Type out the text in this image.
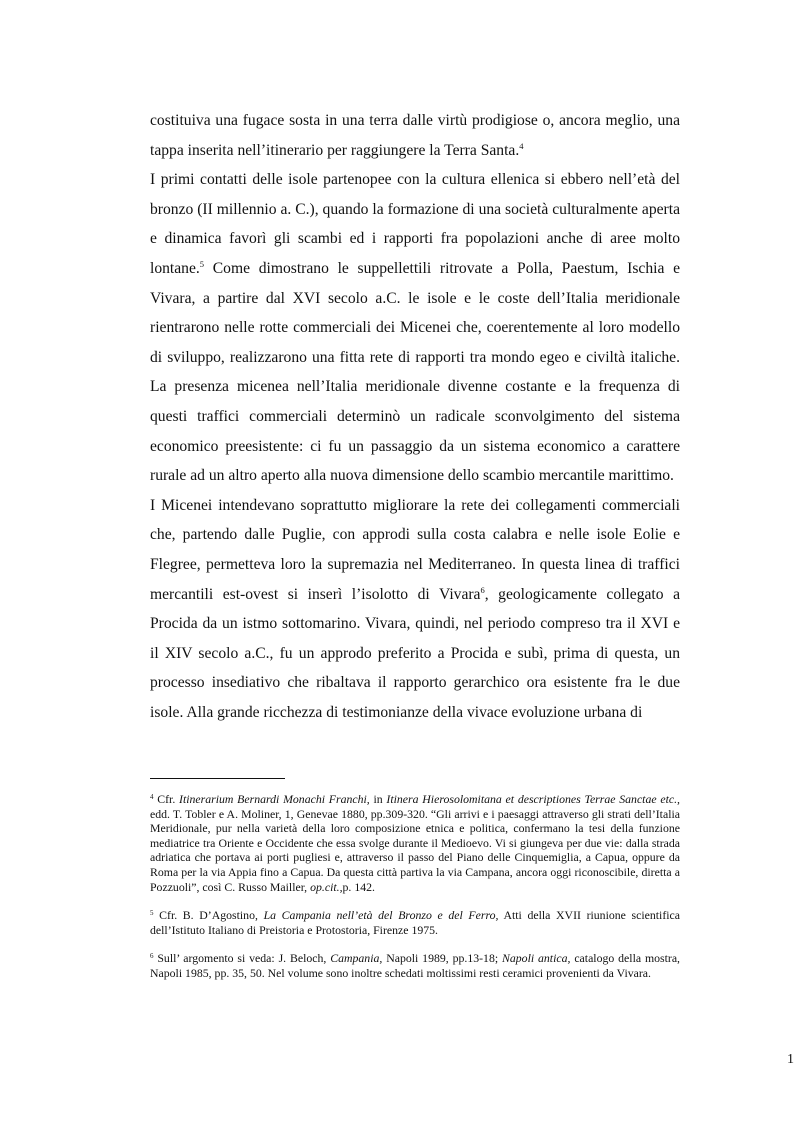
costituiva una fugace sosta in una terra dalle virtù prodigiose o, ancora meglio, una tappa inserita nell’itinerario per raggiungere la Terra Santa.$^4$

I primi contatti delle isole partenopee con la cultura ellenica si ebbero nell’età del bronzo (II millennio a. C.), quando la formazione di una società culturalmente aperta e dinamica favorì gli scambi ed i rapporti fra popolazioni anche di aree molto lontane.$^5$ Come dimostrano le suppellettili ritrovate a Polla, Paestum, Ischia e Vivara, a partire dal XVI secolo a.C. le isole e le coste dell’Italia meridionale rientrarono nelle rotte commerciali dei Micenei che, coerentemente al loro modello di sviluppo, realizzarono una fitta rete di rapporti tra mondo egeo e civiltà italiche. La presenza micenea nell’Italia meridionale divenne costante e la frequenza di questi traffici commerciali determinò un radicale sconvolgimento del sistema economico preesistente: ci fu un passaggio da un sistema economico a carattere rurale ad un altro aperto alla nuova dimensione dello scambio mercantile marittimo.

I Micenei intendevano soprattutto migliorare la rete dei collegamenti commerciali che, partendo dalle Puglie, con approdi sulla costa calabra e nelle isole Eolie e Flegree, permetteva loro la supremazia nel Mediterraneo. In questa linea di traffici mercantili est-ovest si inserì l’isolotto di Vivara$^6$, geologicamente collegato a Procida da un istmo sottomarino. Vivara, quindi, nel periodo compreso tra il XVI e il XIV secolo a.C., fu un approdo preferito a Procida e subì, prima di questa, un processo insediativo che ribaltava il rapporto gerarchico ora esistente fra le due isole. Alla grande ricchezza di testimonianze della vivace evoluzione urbana di

$^4$ Cfr. Itinerarium Bernardi Monachi Franchi, in Itinera Hierosolomitana et descriptiones Terrae Sanctae etc., edd. T. Tobler e A. Moliner, 1, Genevae 1880, pp.309-320. “Gli arrivi e i paesaggi attraverso gli strati dell’Italia Meridionale, pur nella varietà della loro composizione etnica e politica, confermano la tesi della funzione mediatrice tra Oriente e Occidente che essa svolge durante il Medioevo. Vi si giungeva per due vie: dalla strada adriatica che portava ai porti pugliesi e, attraverso il passo del Piano delle Cinquemiglia, a Capua, oppure da Roma per la via Appia fino a Capua. Da questa città partiva la via Campana, ancora oggi riconoscibile, diretta a Pozzuoli”, così C. Russo Mailler, op.cit.,p. 142.

$^5$ Cfr. B. D’Agostino, La Campania nell’età del Bronzo e del Ferro, Atti della XVII riunione scientifica dell’Istituto Italiano di Preistoria e Protostoria, Firenze 1975.

$^6$ Sull’ argomento si veda: J. Beloch, Campania, Napoli 1989, pp.13-18; Napoli antica, catalogo della mostra, Napoli 1985, pp. 35, 50. Nel volume sono inoltre schedati moltissimi resti ceramici provenienti da Vivara.

1
